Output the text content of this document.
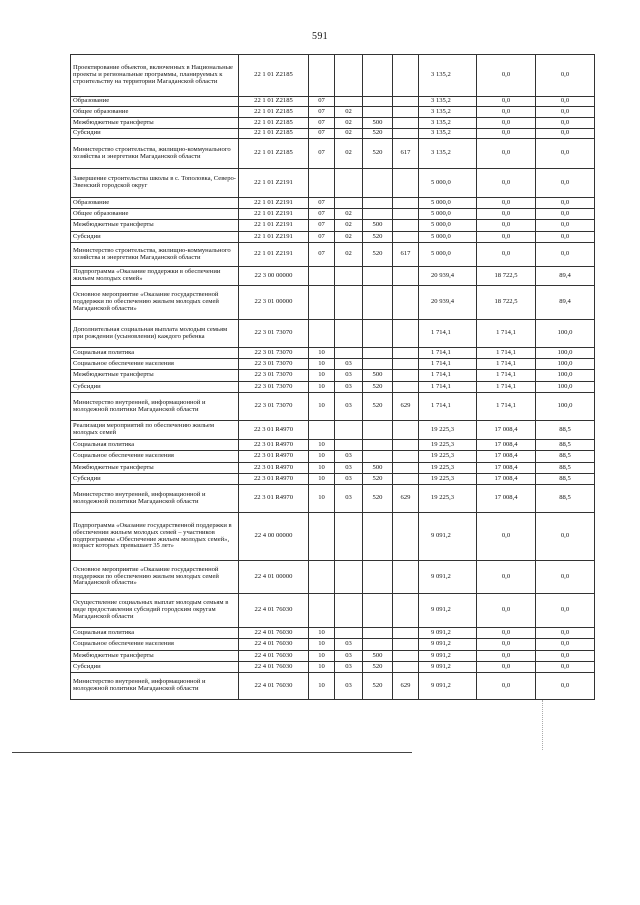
591
Проектирование объектов, включенных в Национальные проекты и региональные программы, планируемых к строительству на территории Магаданской области	22 1 01 Z2185					3 135,2	0,0	0,0
Образование	22 1 01 Z2185	07				3 135,2	0,0	0,0
Общее образование	22 1 01 Z2185	07	02			3 135,2	0,0	0,0
Межбюджетные трансферты	22 1 01 Z2185	07	02	500		3 135,2	0,0	0,0
Субсидии	22 1 01 Z2185	07	02	520		3 135,2	0,0	0,0
Министерство строительства, жилищно-коммунального хозяйства и энергетики Магаданской области	22 1 01 Z2185	07	02	520	617	3 135,2	0,0	0,0
Завершение строительства школы в с. Тополовка, Северо-Эвенский городской округ	22 1 01 Z2191					5 000,0	0,0	0,0
Образование	22 1 01 Z2191	07				5 000,0	0,0	0,0
Общее образование	22 1 01 Z2191	07	02			5 000,0	0,0	0,0
Межбюджетные трансферты	22 1 01 Z2191	07	02	500		5 000,0	0,0	0,0
Субсидии	22 1 01 Z2191	07	02	520		5 000,0	0,0	0,0
Министерство строительства, жилищно-коммунального хозяйства и энергетики Магаданской области	22 1 01 Z2191	07	02	520	617	5 000,0	0,0	0,0
Подпрограмма «Оказание поддержки в обеспечении жильем молодых семей»	22 3 00 00000					20 939,4	18 722,5	89,4
Основное мероприятие «Оказание государственной поддержки по обеспечению жильем молодых семей Магаданской области»	22 3 01 00000					20 939,4	18 722,5	89,4
Дополнительная социальная выплата молодым семьям при рождении (усыновлении) каждого ребенка	22 3 01 73070					1 714,1	1 714,1	100,0
Социальная политика	22 3 01 73070	10				1 714,1	1 714,1	100,0
Социальное обеспечение населения	22 3 01 73070	10	03			1 714,1	1 714,1	100,0
Межбюджетные трансферты	22 3 01 73070	10	03	500		1 714,1	1 714,1	100,0
Субсидии	22 3 01 73070	10	03	520		1 714,1	1 714,1	100,0
Министерство внутренней, информационной и молодежной политики Магаданской области	22 3 01 73070	10	03	520	629	1 714,1	1 714,1	100,0
Реализация мероприятий по обеспечению жильем молодых семей	22 3 01 R4970					19 225,3	17 008,4	88,5
Социальная политика	22 3 01 R4970	10				19 225,3	17 008,4	88,5
Социальное обеспечение населения	22 3 01 R4970	10	03			19 225,3	17 008,4	88,5
Межбюджетные трансферты	22 3 01 R4970	10	03	500		19 225,3	17 008,4	88,5
Субсидии	22 3 01 R4970	10	03	520		19 225,3	17 008,4	88,5
Министерство внутренней, информационной и молодежной политики Магаданской области	22 3 01 R4970	10	03	520	629	19 225,3	17 008,4	88,5
Подпрограмма «Оказание государственной поддержки в обеспечении жильем молодых семей – участников подпрограммы «Обеспечение жильем молодых семей», возраст которых превышает 35 лет»	22 4 00 00000					9 091,2	0,0	0,0
Основное мероприятие «Оказание государственной поддержки по обеспечению жильем молодых семей Магаданской области»	22 4 01 00000					9 091,2	0,0	0,0
Осуществление социальных выплат молодым семьям в виде предоставления субсидий городским округам Магаданской области	22 4 01 76030					9 091,2	0,0	0,0
Социальная политика	22 4 01 76030	10				9 091,2	0,0	0,0
Социальное обеспечение населения	22 4 01 76030	10	03			9 091,2	0,0	0,0
Межбюджетные трансферты	22 4 01 76030	10	03	500		9 091,2	0,0	0,0
Субсидии	22 4 01 76030	10	03	520		9 091,2	0,0	0,0
Министерство внутренней, информационной и молодежной политики Магаданской области	22 4 01 76030	10	03	520	629	9 091,2	0,0	0,0
